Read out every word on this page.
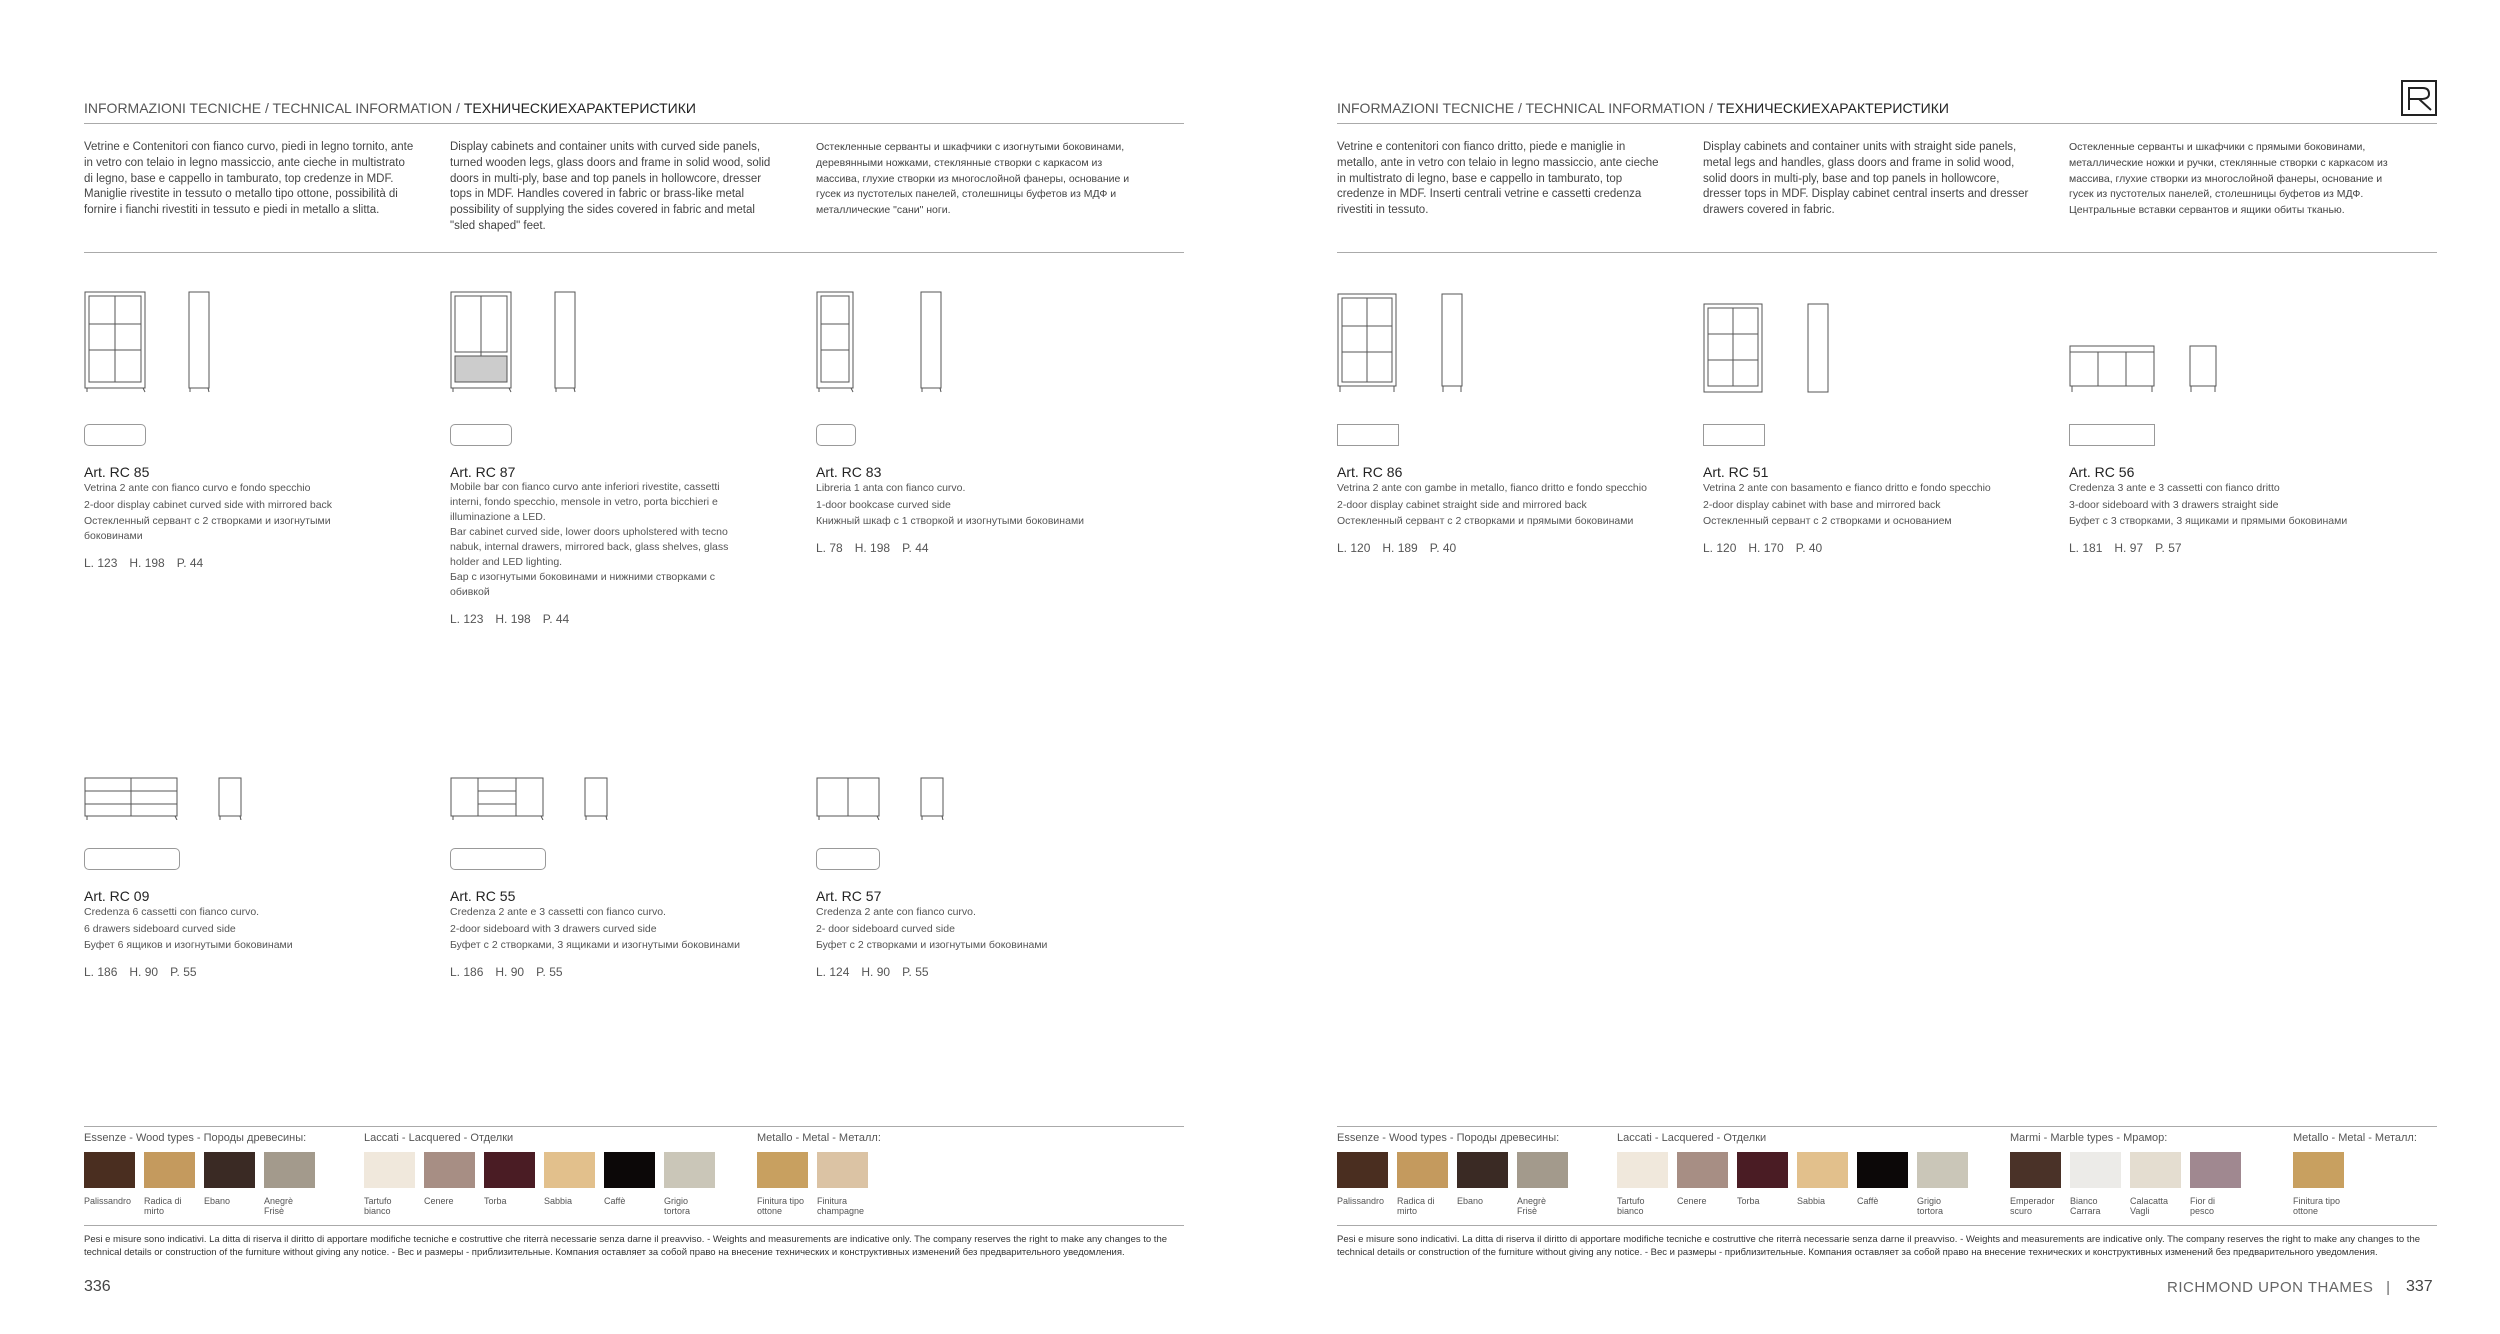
INFORMAZIONI TECNICHE / TECHNICAL INFORMATION / ТЕХНИЧЕСКИЕХАРАКТЕРИСТИКИ
Vetrine e Contenitori con fianco curvo, piedi in legno tornito, ante in vetro con telaio in legno massiccio, ante cieche in multistrato di legno, base e cappello in tamburato, top credenze in MDF. Maniglie rivestite in tessuto o metallo tipo ottone, possibilità di fornire i fianchi rivestiti in tessuto e piedi in metallo a slitta.
Display cabinets and container units with curved side panels, turned wooden legs, glass doors and frame in solid wood, solid doors in multi-ply, base and top panels in hollowcore, dresser tops in MDF. Handles covered in fabric or brass-like metal possibility of supplying the sides covered in fabric and metal "sled shaped" feet.
Остекленные серванты и шкафчики с изогнутыми боковинами, деревянными ножками, стеклянные створки с каркасом из массива, глухие створки из многослойной фанеры, основание и гусек из пустотелых панелей, столешницы буфетов из МДФ и металлические "сани" ноги.
Art. RC 85
Vetrina 2 ante con fianco curvo e fondo specchio
2-door display cabinet curved side with mirrored back
Остекленный сервант с 2 створками и изогнутыми боковинами
L. 123 H. 198 P. 44
Art. RC 87
Mobile bar con fianco curvo ante inferiori rivestite, cassetti interni, fondo specchio, mensole in vetro, porta bicchieri e illuminazione a LED.
Bar cabinet curved side, lower doors upholstered with tecno nabuk, internal drawers, mirrored back, glass shelves, glass holder and LED lighting.
Бар с изогнутыми боковинами и нижними створками с обивкой
L. 123 H. 198 P. 44
Art. RC 83
Libreria 1 anta con fianco curvo.
1-door bookcase curved side
Книжный шкаф с 1 створкой и изогнутыми боковинами
L. 78 H. 198 P. 44
Art. RC 09
Credenza 6 cassetti con fianco curvo.
6 drawers sideboard curved side
Буфет 6 ящиков и изогнутыми боковинами
L. 186 H. 90 P. 55
Art. RC 55
Credenza 2 ante e 3 cassetti con fianco curvo.
2-door sideboard with 3 drawers curved side
Буфет с 2 створками, 3 ящиками и изогнутыми боковинами
L. 186 H. 90 P. 55
Art. RC 57
Credenza 2 ante con fianco curvo.
2- door sideboard curved side
Буфет с 2 створками и изогнутыми боковинами
L. 124 H. 90 P. 55
Essenze - Wood types - Породы древесины:
Palissandro	Radica di mirto
Ebano	Anegrè Frisè
Laccati - Lacquered - Отделки
Tartufo bianco
Cenere	Torba	Sabbia	Caffè	Grigio tortora
Metallo - Metal - Металл:
Finitura tipo ottone
Finitura champagne
Pesi e misure sono indicativi. La ditta di riserva il diritto di apportare modifiche tecniche e costruttive che riterrà necessarie senza darne il preavviso. - Weights and measurements are indicative only. The company reserves the right to make any changes to the technical details or construction of the furniture without giving any notice. - Вес и размеры - приблизительные. Компания оставляет за собой право на внесение технических и конструктивных изменений без предварительного уведомления.
336
INFORMAZIONI TECNICHE / TECHNICAL INFORMATION / ТЕХНИЧЕСКИЕХАРАКТЕРИСТИКИ
Vetrine e contenitori con fianco dritto, piede e maniglie in metallo, ante in vetro con telaio in legno massiccio, ante cieche in multistrato di legno, base e cappello in tamburato, top credenze in MDF. Inserti centrali vetrine e cassetti credenza rivestiti in tessuto.
Display cabinets and container units with straight side panels, metal legs and handles, glass doors and frame in solid wood, solid doors in multi-ply, base and top panels in hollowcore, dresser tops in MDF. Display cabinet central inserts and dresser drawers covered in fabric.
Остекленные серванты и шкафчики с прямыми боковинами, металлические ножки и ручки, стеклянные створки с каркасом из массива, глухие створки из многослойной фанеры, основание и гусек из пустотелых панелей, столешницы буфетов из МДФ. Центральные вставки сервантов и ящики обиты тканью.
Art. RC 86
Vetrina 2 ante con gambe in metallo, fianco dritto e fondo specchio
2-door display cabinet straight side and mirrored back
Остекленный сервант с 2 створками и прямыми боковинами
L. 120 H. 189 P. 40
Art. RC 51
Vetrina 2 ante con basamento e fianco dritto e fondo specchio
2-door display cabinet with base and mirrored back
Остекленный сервант с 2 створками и основанием
L. 120 H. 170 P. 40
Art. RC 56
Credenza 3 ante e 3 cassetti con fianco dritto
3-door sideboard with 3 drawers straight side
Буфет с 3 створками, 3 ящиками и прямыми боковинами
L. 181 H. 97 P. 57
Essenze - Wood types - Породы древесины:
Palissandro	Radica di mirto
Ebano	Anegrè Frisè
Laccati - Lacquered - Отделки
Tartufo bianco
Cenere	Torba	Sabbia	Caffè	Grigio tortora
Marmi - Marble types - Мрамор:
Emperador scuro
Bianco Carrara
Calacatta Vagli
Fior di pesco
Metallo - Metal - Металл:
Finitura tipo ottone
Pesi e misure sono indicativi. La ditta di riserva il diritto di apportare modifiche tecniche e costruttive che riterrà necessarie senza darne il preavviso. - Weights and measurements are indicative only. The company reserves the right to make any changes to the technical details or construction of the furniture without giving any notice. - Вес и размеры - приблизительные. Компания оставляет за собой право на внесение технических и конструктивных изменений без предварительного уведомления.
RICHMOND UPON THAMES | 337
